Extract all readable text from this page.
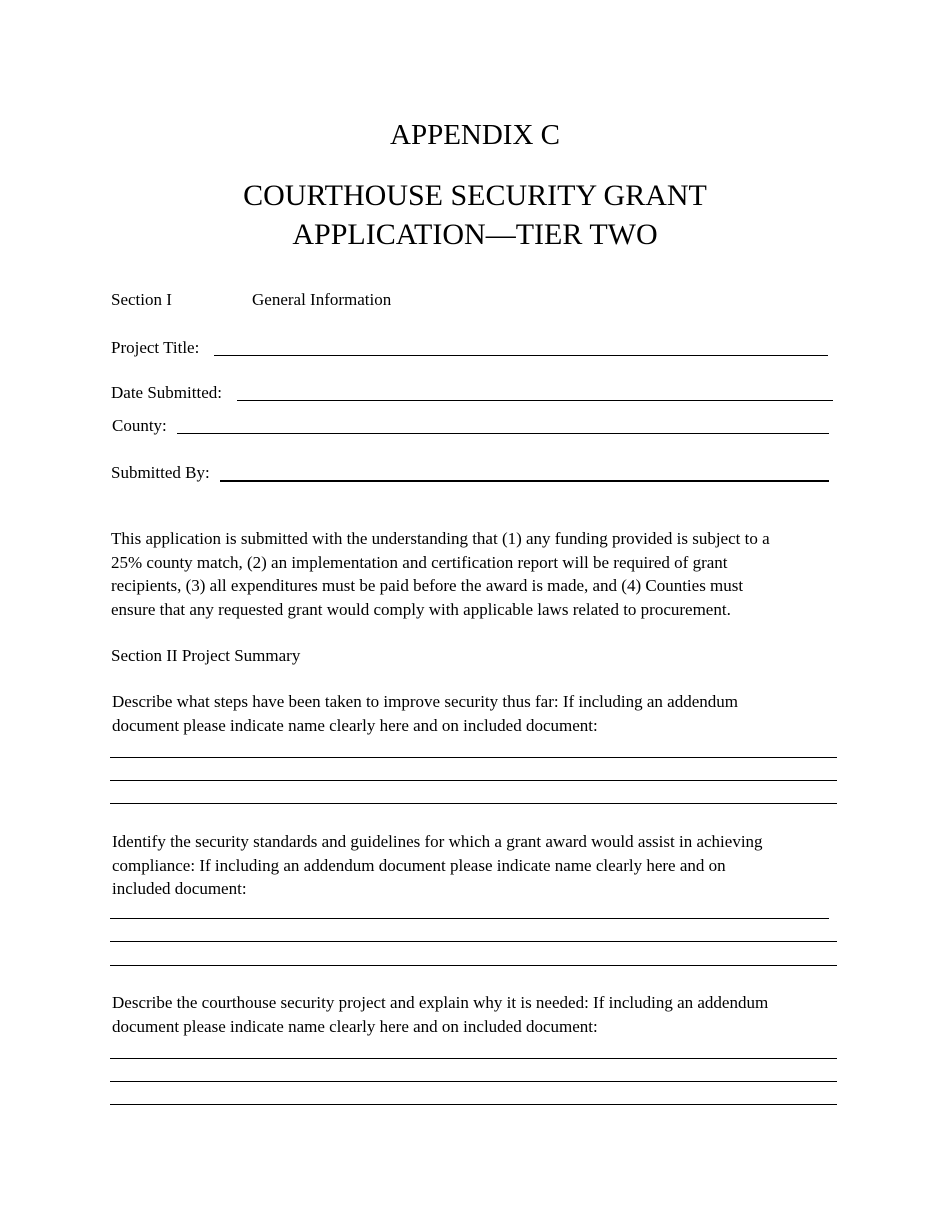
APPENDIX C
COURTHOUSE SECURITY GRANT
APPLICATION—TIER TWO
Section I	General Information
Project Title:
Date Submitted:
County:
Submitted By:
This application is submitted with the understanding that (1) any funding provided is subject to a
25% county match, (2) an implementation and certification report will be required of grant
recipients, (3) all expenditures must be paid before the award is made, and (4) Counties must
ensure that any requested grant would comply with applicable laws related to procurement.
Section II Project Summary
Describe what steps have been taken to improve security thus far: If including an addendum
document please indicate name clearly here and on included document:
Identify the security standards and guidelines for which a grant award would assist in achieving
compliance: If including an addendum document please indicate name clearly here and on
included document:
Describe the courthouse security project and explain why it is needed: If including an addendum
document please indicate name clearly here and on included document:
